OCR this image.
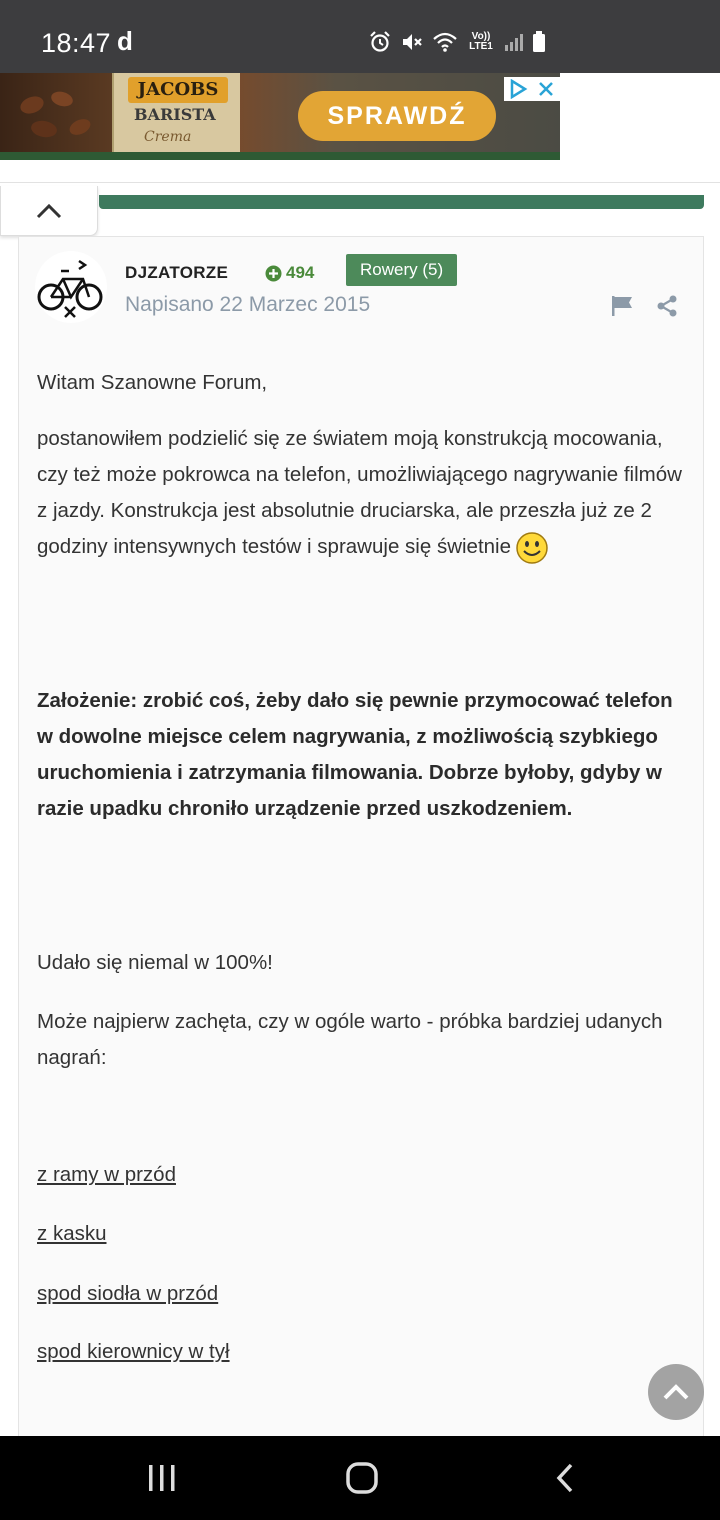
18:47 d	Vo)) LTE1
JACOBS
BARISTA
Crema
SPRAWDŹ
DJZATORZE	494	Rowery (5)
Napisano 22 Marzec 2015

Witam Szanowne Forum,

postanowiłem podzielić się ze światem moją konstrukcją mocowania, czy też może pokrowca na telefon, umożliwiającego nagrywanie filmów z jazdy. Konstrukcja jest absolutnie druciarska, ale przeszła już ze 2 godziny intensywnych testów i sprawuje się świetnie

Założenie: zrobić coś, żeby dało się pewnie przymocować telefon w dowolne miejsce celem nagrywania, z możliwością szybkiego uruchomienia i zatrzymania filmowania. Dobrze byłoby, gdyby w razie upadku chroniło urządzenie przed uszkodzeniem.

Udało się niemal w 100%!

Może najpierw zachęta, czy w ogóle warto - próbka bardziej udanych nagrań:

z ramy w przód

z kasku

spod siodła w przód

spod kierownicy w tył
